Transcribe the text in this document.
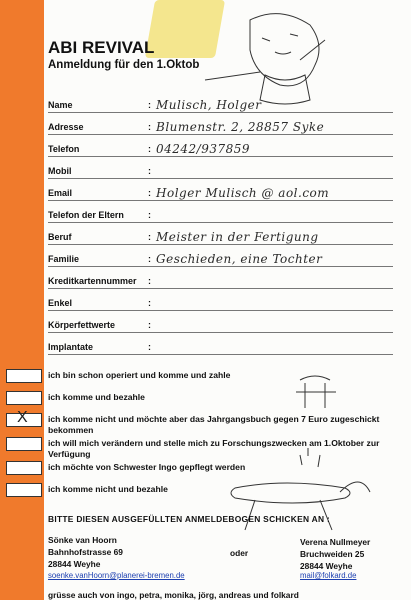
ABI REVIVAL
Anmeldung für den 1.Oktob
Name	: Mulisch, Holger
Adresse	: Blumenstr. 2, 28857 Syke
Telefon	: 04242/937859
Mobil	:
Email	: Holger Mulisch @ aol.com
Telefon der Eltern	:
Beruf	: Meister in der Fertigung
Familie	: Geschieden, eine Tochter
Kreditkartennummer :
Enkel	:
Körperfettwerte	:
Implantate	:
ich bin schon operiert und komme und zahle
ich komme und bezahle
X ich komme nicht und möchte aber das Jahrgangsbuch gegen 7 Euro zugeschickt bekommen
ich will mich verändern und stelle mich zu Forschungszwecken am 1.Oktober zur Verfügung
ich möchte von Schwester Ingo gepflegt werden
ich komme nicht und bezahle
BITTE DIESEN AUSGEFÜLLTEN ANMELDEBOGEN SCHICKEN AN :
Sönke van Hoorn
Bahnhofstrasse 69
28844 Weyhe
soenke.vanHoorn@planerei-bremen.de
oder
Verena Nullmeyer
Bruchweiden 25
28844 Weyhe
mail@folkard.de
grüsse auch von ingo, petra, monika, jörg, andreas und folkard
